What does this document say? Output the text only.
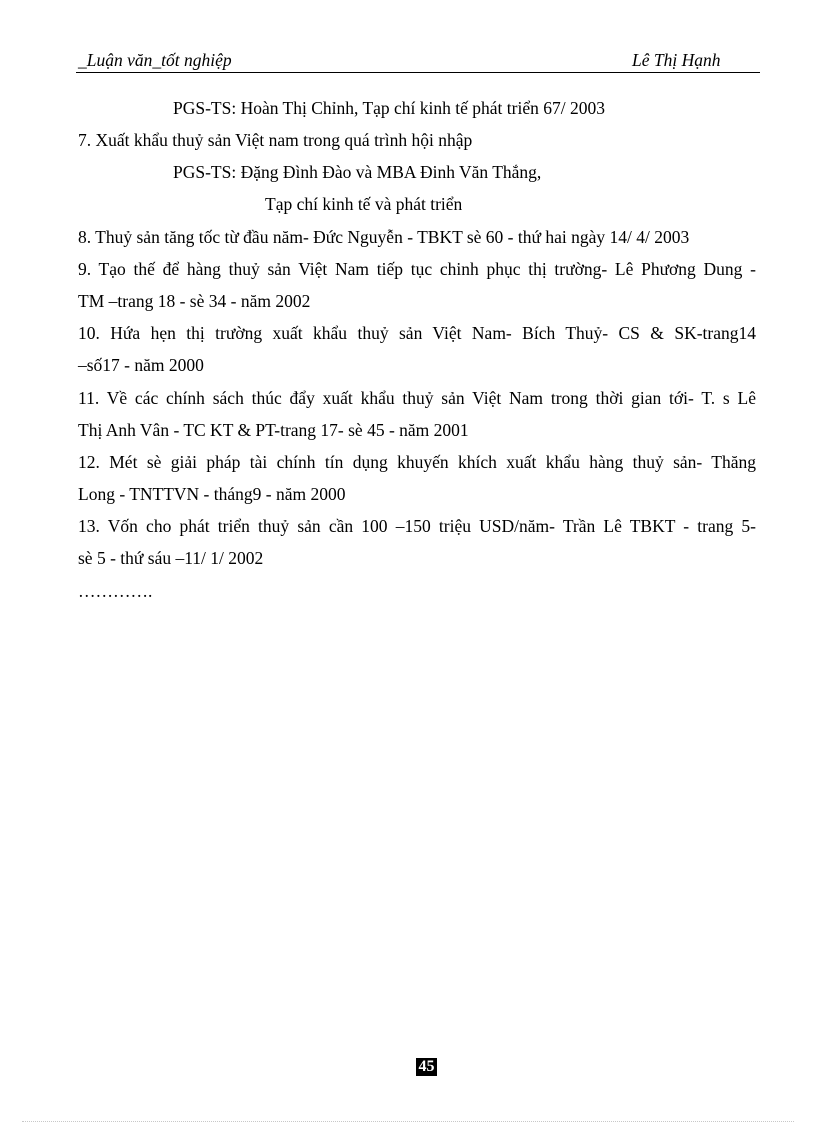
_Luận văn_tốt nghiệp	Lê Thị Hạnh
PGS-TS: Hoàn Thị Chỉnh, Tạp chí kinh tế phát triển 67/ 2003
7. Xuất khẩu thuỷ sản Việt nam trong quá trình hội nhập
PGS-TS: Đặng Đình Đào và MBA Đinh Văn Thắng,
Tạp chí kinh tế và phát triển
8. Thuỷ sản tăng tốc từ đầu năm- Đức Nguyễn - TBKT sè 60 - thứ hai ngày 14/ 4/ 2003
9. Tạo thế để hàng thuỷ sản Việt Nam tiếp tục chinh phục thị trường- Lê Phương Dung -
TM –trang 18 - sè 34 - năm 2002
10. Hứa hẹn thị trường xuất khẩu thuỷ sản Việt Nam- Bích Thuỷ- CS & SK-trang14
–số17 - năm 2000
11. Về các chính sách thúc đẩy xuất khẩu thuỷ sản Việt Nam trong thời gian tới- T. s Lê
Thị Anh Vân - TC KT & PT-trang 17- sè 45 - năm 2001
12. Mét sè giải pháp tài chính tín dụng khuyến khích xuất khẩu hàng thuỷ sản- Thăng
Long - TNTTVN - tháng9 - năm 2000
13. Vốn cho phát triển thuỷ sản cần 100 –150 triệu USD/năm- Trần Lê TBKT - trang 5-
sè 5 - thứ sáu –11/ 1/ 2002
………….
45
